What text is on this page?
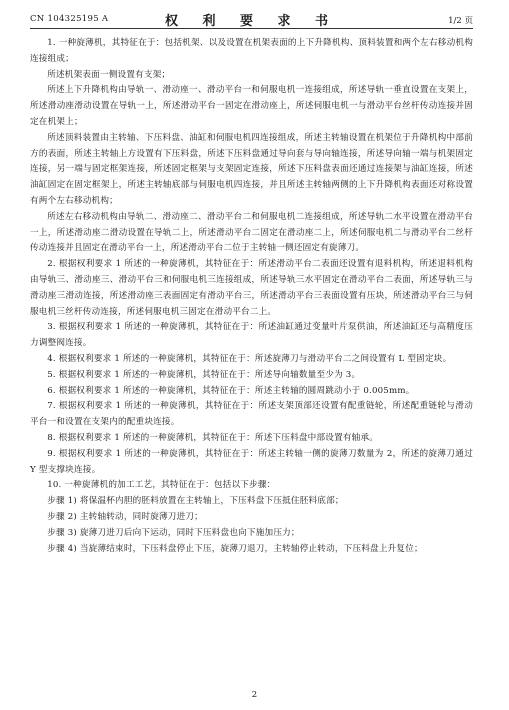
CN 104325195 A	权 利 要 求 书	1/2 页

1. 一种旋薄机，其特征在于：包括机架、以及设置在机架表面的上下升降机构、顶料装置和两个左右移动机构连接组成；

所述机架表面一侧设置有支架；

所述上下升降机构由导轨一、滑动座一、滑动平台一和伺服电机一连接组成，所述导轨一垂直设置在支架上，所述滑动座滑动设置在导轨一上，所述滑动平台一固定在滑动座上，所述伺服电机一与滑动平台丝杆传动连接并固定在机架上；

所述顶料装置由主转轴、下压料盘、油缸和伺服电机四连接组成，所述主转轴设置在机架位于升降机构中部前方的表面，所述主转轴上方设置有下压料盘，所述下压料盘通过导向套与导向轴连接，所述导向轴一端与机架固定连接，另一端与固定框架连接，所述固定框架与支架固定连接，所述下压料盘表面还通过连接架与油缸连接，所述油缸固定在固定框架上，所述主转轴底部与伺服电机四连接，并且所述主转轴两侧的上下升降机构表面还对称设置有两个左右移动机构；

所述左右移动机构由导轨二、滑动座二、滑动平台二和伺服电机二连接组成，所述导轨二水平设置在滑动平台一上，所述滑动座二滑动设置在导轨二上，所述滑动平台二固定在滑动座二上，所述伺服电机二与滑动平台二丝杆传动连接并且固定在滑动平台一上，所述滑动平台二位于主转轴一侧还固定有旋薄刀。

2. 根据权利要求 1 所述的一种旋薄机，其特征在于：所述滑动平台二表面还设置有退料机构，所述退料机构由导轨三、滑动座三、滑动平台三和伺服电机三连接组成，所述导轨三水平固定在滑动平台二表面，所述导轨三与滑动座三滑动连接，所述滑动座三表面固定有滑动平台三，所述滑动平台三表面设置有压块，所述滑动平台三与伺服电机三丝杆传动连接，所述伺服电机三固定在滑动平台二上。

3. 根据权利要求 1 所述的一种旋薄机，其特征在于：所述油缸通过变量叶片泵供油，所述油缸还与高精度压力调整阀连接。

4. 根据权利要求 1 所述的一种旋薄机，其特征在于：所述旋薄刀与滑动平台二之间设置有 L 型固定块。

5. 根据权利要求 1 所述的一种旋薄机，其特征在于：所述导向轴数量至少为 3。

6. 根据权利要求 1 所述的一种旋薄机，其特征在于：所述主转轴的圆周跳动小于 0.005mm。

7. 根据权利要求 1 所述的一种旋薄机，其特征在于：所述支架顶部还设置有配重链轮，所述配重链轮与滑动平台一和设置在支架内的配重块连接。

8. 根据权利要求 1 所述的一种旋薄机，其特征在于：所述下压料盘中部设置有轴承。

9. 根据权利要求 1 所述的一种旋薄机，其特征在于：所述主转轴一侧的旋薄刀数量为 2，所述的旋薄刀通过 Y 型支撑块连接。

10. 一种旋薄机的加工工艺，其特征在于：包括以下步骤：

步骤 1) 将保温杯内胆的胚料放置在主转轴上，下压料盘下压抵住胚料底部；

步骤 2) 主转轴转动，同时旋薄刀进刀；

步骤 3) 旋薄刀进刀后向下运动，同时下压料盘也向下施加压力；

步骤 4) 当旋薄结束时，下压料盘停止下压，旋薄刀退刀，主转轴停止转动，下压料盘上升复位；

2
